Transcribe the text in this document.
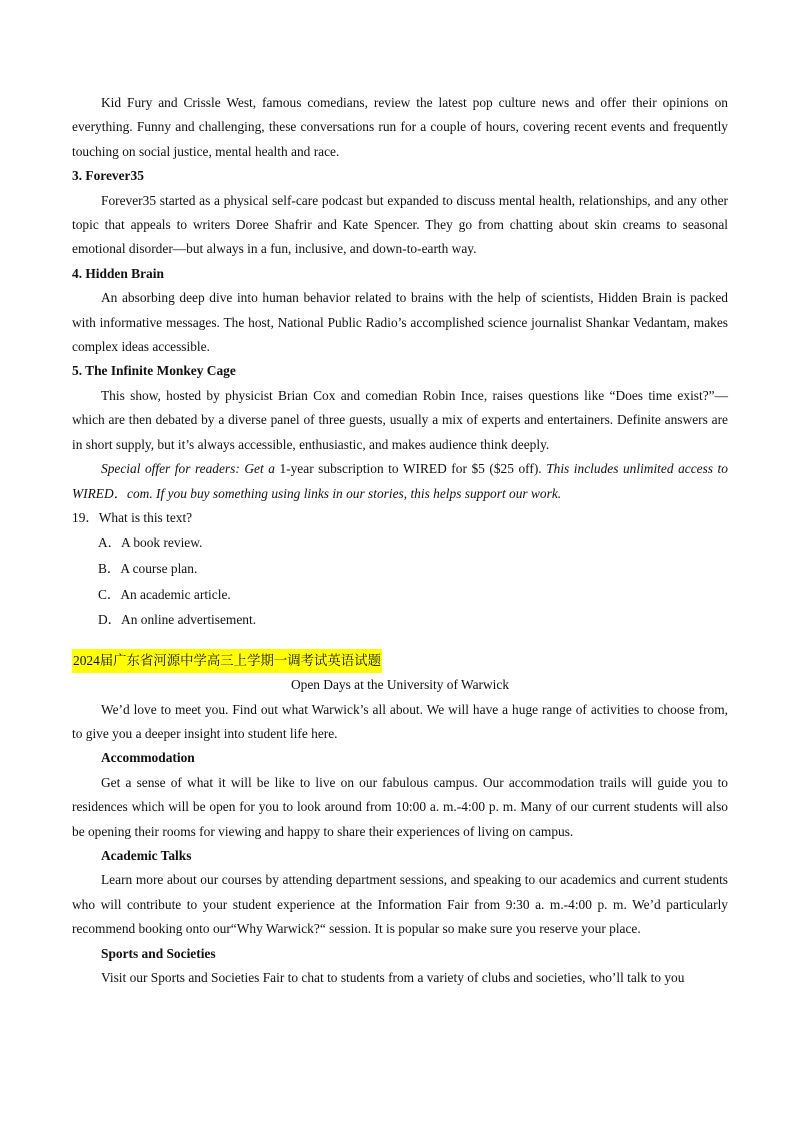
Kid Fury and Crissle West, famous comedians, review the latest pop culture news and offer their opinions on everything. Funny and challenging, these conversations run for a couple of hours, covering recent events and frequently touching on social justice, mental health and race.

3. Forever35

Forever35 started as a physical self-care podcast but expanded to discuss mental health, relationships, and any other topic that appeals to writers Doree Shafrir and Kate Spencer. They go from chatting about skin creams to seasonal emotional disorder—but always in a fun, inclusive, and down-to-earth way.

4. Hidden Brain

An absorbing deep dive into human behavior related to brains with the help of scientists, Hidden Brain is packed with informative messages. The host, National Public Radio’s accomplished science journalist Shankar Vedantam, makes complex ideas accessible.

5. The Infinite Monkey Cage

This show, hosted by physicist Brian Cox and comedian Robin Ince, raises questions like “Does time exist?”—which are then debated by a diverse panel of three guests, usually a mix of experts and entertainers. Definite answers are in short supply, but it’s always accessible, enthusiastic, and makes audience think deeply.

Special offer for readers: Get a 1-year subscription to WIRED for $5 ($25 off). This includes unlimited access to WIRED．com. If you buy something using links in our stories, this helps support our work.

19．What is this text?

A．A book review.

B．A course plan.

C．An academic article.

D．An online advertisement.

2024届广东省河源中学高三上学期一调考试英语试题

Open Days at the University of Warwick

We’d love to meet you. Find out what Warwick’s all about. We will have a huge range of activities to choose from, to give you a deeper insight into student life here.

Accommodation

Get a sense of what it will be like to live on our fabulous campus. Our accommodation trails will guide you to residences which will be open for you to look around from 10:00 a. m.-4:00 p. m. Many of our current students will also be opening their rooms for viewing and happy to share their experiences of living on campus.

Academic Talks

Learn more about our courses by attending department sessions, and speaking to our academics and current students who will contribute to your student experience at the Information Fair from 9:30 a. m.-4:00 p. m. We’d particularly recommend booking onto our“Why Warwick?“ session. It is popular so make sure you reserve your place.

Sports and Societies

Visit our Sports and Societies Fair to chat to students from a variety of clubs and societies, who’ll talk to you
